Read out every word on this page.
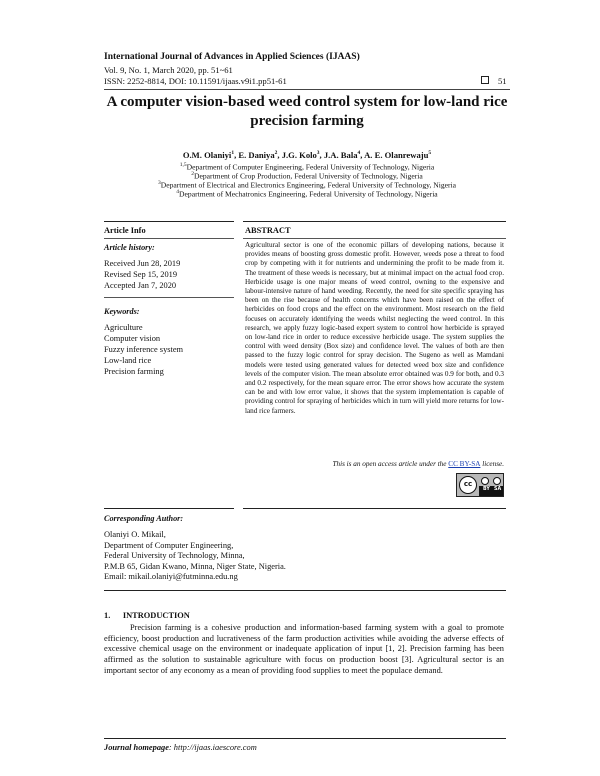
International Journal of Advances in Applied Sciences (IJAAS)
Vol. 9, No. 1, March 2020, pp. 51~61
ISSN: 2252-8814, DOI: 10.11591/ijaas.v9i1.pp51-61	51
A computer vision-based weed control system for low-land rice precision farming
O.M. Olaniyi$^1$, E. Daniya$^2$, J.G. Kolo$^3$, J.A. Bala$^4$, A. E. Olanrewaju$^5$
$^{1,5}$Department of Computer Engineering, Federal University of Technology, Nigeria
$^2$Department of Crop Production, Federal University of Technology, Nigeria
$^3$Department of Electrical and Electronics Engineering, Federal University of Technology, Nigeria
$^4$Department of Mechatronics Engineering, Federal University of Technology, Nigeria
Article Info	ABSTRACT
Article history:
Received Jun 28, 2019
Revised Sep 15, 2019
Accepted Jan 7, 2020
Keywords:
Agriculture
Computer vision
Fuzzy inference system
Low-land rice
Precision farming
Agricultural sector is one of the economic pillars of developing nations, because it provides means of boosting gross domestic profit. However, weeds pose a threat to food crop by competing with it for nutrients and undermining the profit to be made from it. The treatment of these weeds is necessary, but at minimal impact on the actual food crop. Herbicide usage is one major means of weed control, owning to the expensive and labour-intensive nature of hand weeding. Recently, the need for site specific spraying has been on the rise because of health concerns which have been raised on the effect of herbicides on food crops and the effect on the environment. Most research on the field focuses on accurately identifying the weeds whilst neglecting the weed control. In this research, we apply fuzzy logic-based expert system to control how herbicide is sprayed on low-land rice in order to reduce excessive herbicide usage. The system supplies the control with weed density (Box size) and confidence level. The values of both are then passed to the fuzzy logic control for spray decision. The Sugeno as well as Mamdani models were tested using generated values for detected weed box size and confidence levels of the computer vision. The mean absolute error obtained was 0.9 for both, and 0.3 and 0.2 respectively, for the mean square error. The error shows how accurate the system can be and with low error value, it shows that the system implementation is capable of providing control for spraying of herbicides which in turn will yield more returns for low-land rice farmers.
This is an open access article under the CC BY-SA license.
cc
BY SA
Corresponding Author:
Olaniyi O. Mikail,
Department of Computer Engineering,
Federal University of Technology, Minna,
P.M.B 65, Gidan Kwano, Minna, Niger State, Nigeria.
Email: mikail.olaniyi@futminna.edu.ng
1.      INTRODUCTION
Precision farming is a cohesive production and information-based farming system with a goal to promote efficiency, boost production and lucrativeness of the farm production activities while avoiding the adverse effects of excessive chemical usage on the environment or inadequate application of input [1, 2]. Precision farming has been affirmed as the solution to sustainable agriculture with focus on production boost [3]. Agricultural sector is an important sector of any economy as a mean of providing food supplies to meet the populace demand.
Journal homepage: http://ijaas.iaescore.com
